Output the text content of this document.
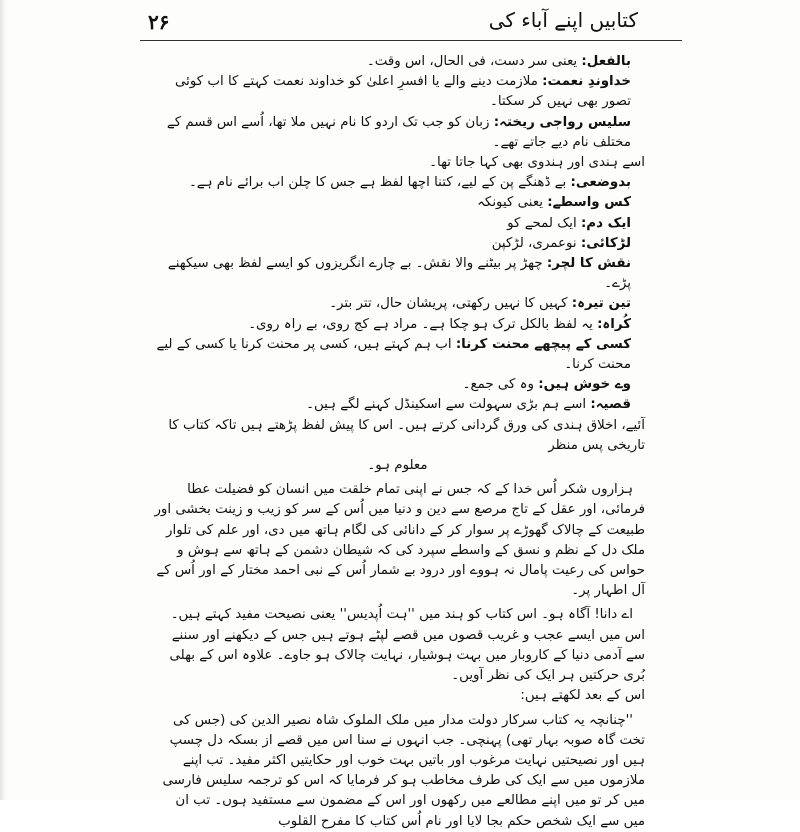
۲۶	کتابیں اپنے آباء کی

بالفعل: یعنی سر دست، فی الحال، اس وقت۔

خداوندِ نعمت: ملازمت دینے والے یا افسرِ اعلیٰ کو خداوند نعمت کہتے کا اب کوئی تصور بھی نہیں کر سکتا۔

سلیس رواجی ریختہ: زبان کو جب تک اردو کا نام نہیں ملا تھا، اُسے اس قسم کے مختلف نام دیے جاتے تھے۔

اسے ہندی اور ہندوی بھی کہا جاتا تھا۔

بدوضعی: بے ڈھنگے پن کے لیے، کتنا اچھا لفظ ہے جس کا چلن اب برائے نام ہے۔

کس واسطے: یعنی کیونکہ

ایک دم: ایک لمحے کو

لڑکائی: نوعمری، لڑکپن

نقش کا لچر: چھڑ پر بیٹنے والا نقش۔ بے چارے انگریزوں کو ایسے لفظ بھی سیکھنے پڑے۔

تین تیرہ: کہیں کا نہیں رکھتی، پریشان حال، تتر بتر۔

کُراہ: یہ لفظ بالکل ترک ہو چکا ہے۔ مراد ہے کج روی، بے راہ روی۔

کسی کے پیچھے محنت کرنا: اب ہم کہتے ہیں، کسی پر محنت کرنا یا کسی کے لیے محنت کرنا۔

وے خوش ہیں: وہ کی جمع۔

قصیہ: اسے ہم بڑی سہولت سے اسکینڈل کہنے لگے ہیں۔

آئیے، اخلاق ہندی کی ورق گردانی کرتے ہیں۔ اس کا پیش لفظ پڑھتے ہیں تاکہ کتاب کا تاریخی پس منظر

معلوم ہو۔

ہزاروں شکر اُس خدا کے کہ جس نے اپنی تمام خلقت میں انسان کو فضیلت عطا فرمائی، اور عقل کے تاج مرصع سے دین و دنیا میں اُس کے سر کو زیب و زینت بخشی اور طبیعت کے چالاک گھوڑے پر سوار کر کے دانائی کی لگام ہاتھ میں دی، اور علم کی تلوار ملک دل کے نظم و نسق کے واسطے سپرد کی کہ شیطان دشمن کے ہاتھ سے ہوش و حواس کی رعیت پامال نہ ہووے اور درود بے شمار اُس کے نبی احمد مختار کے اور اُس کے آل اطہار پر۔

اے دانا! آگاہ ہو۔ اس کتاب کو ہند میں ''ہت اُپدیس'' یعنی نصیحت مفید کہتے ہیں۔ اس میں ایسے عجب و غریب قصوں میں قصے لپٹے ہوتے ہیں جس کے دیکھنے اور سننے سے آدمی دنیا کے کاروبار میں بہت ہوشیار، نہایت چالاک ہو جاوے۔ علاوہ اس کے بھلی بُری حرکتیں ہر ایک کی نظر آویں۔

اس کے بعد لکھتے ہیں:

''چنانچہ یہ کتاب سرکار دولت مدار میں ملک الملوک شاہ نصیر الدین کی (جس کی تخت گاہ صوبہ بہار تھی) پہنچی۔ جب انہوں نے سنا اس میں قصے از بسکہ دل چسپ ہیں اور نصیحتیں نہایت مرغوب اور باتیں بہت خوب اور حکایتیں اکثر مفید۔ تب اپنے ملازموں میں سے ایک کی طرف مخاطب ہو کر فرمایا کہ اس کو ترجمہ سلیس فارسی میں کر تو میں اپنے مطالعے میں رکھوں اور اس کے مضمون سے مستفید ہوں۔ تب ان میں سے ایک شخص حکم بجا لایا اور نام اُس کتاب کا مفرح القلوب
